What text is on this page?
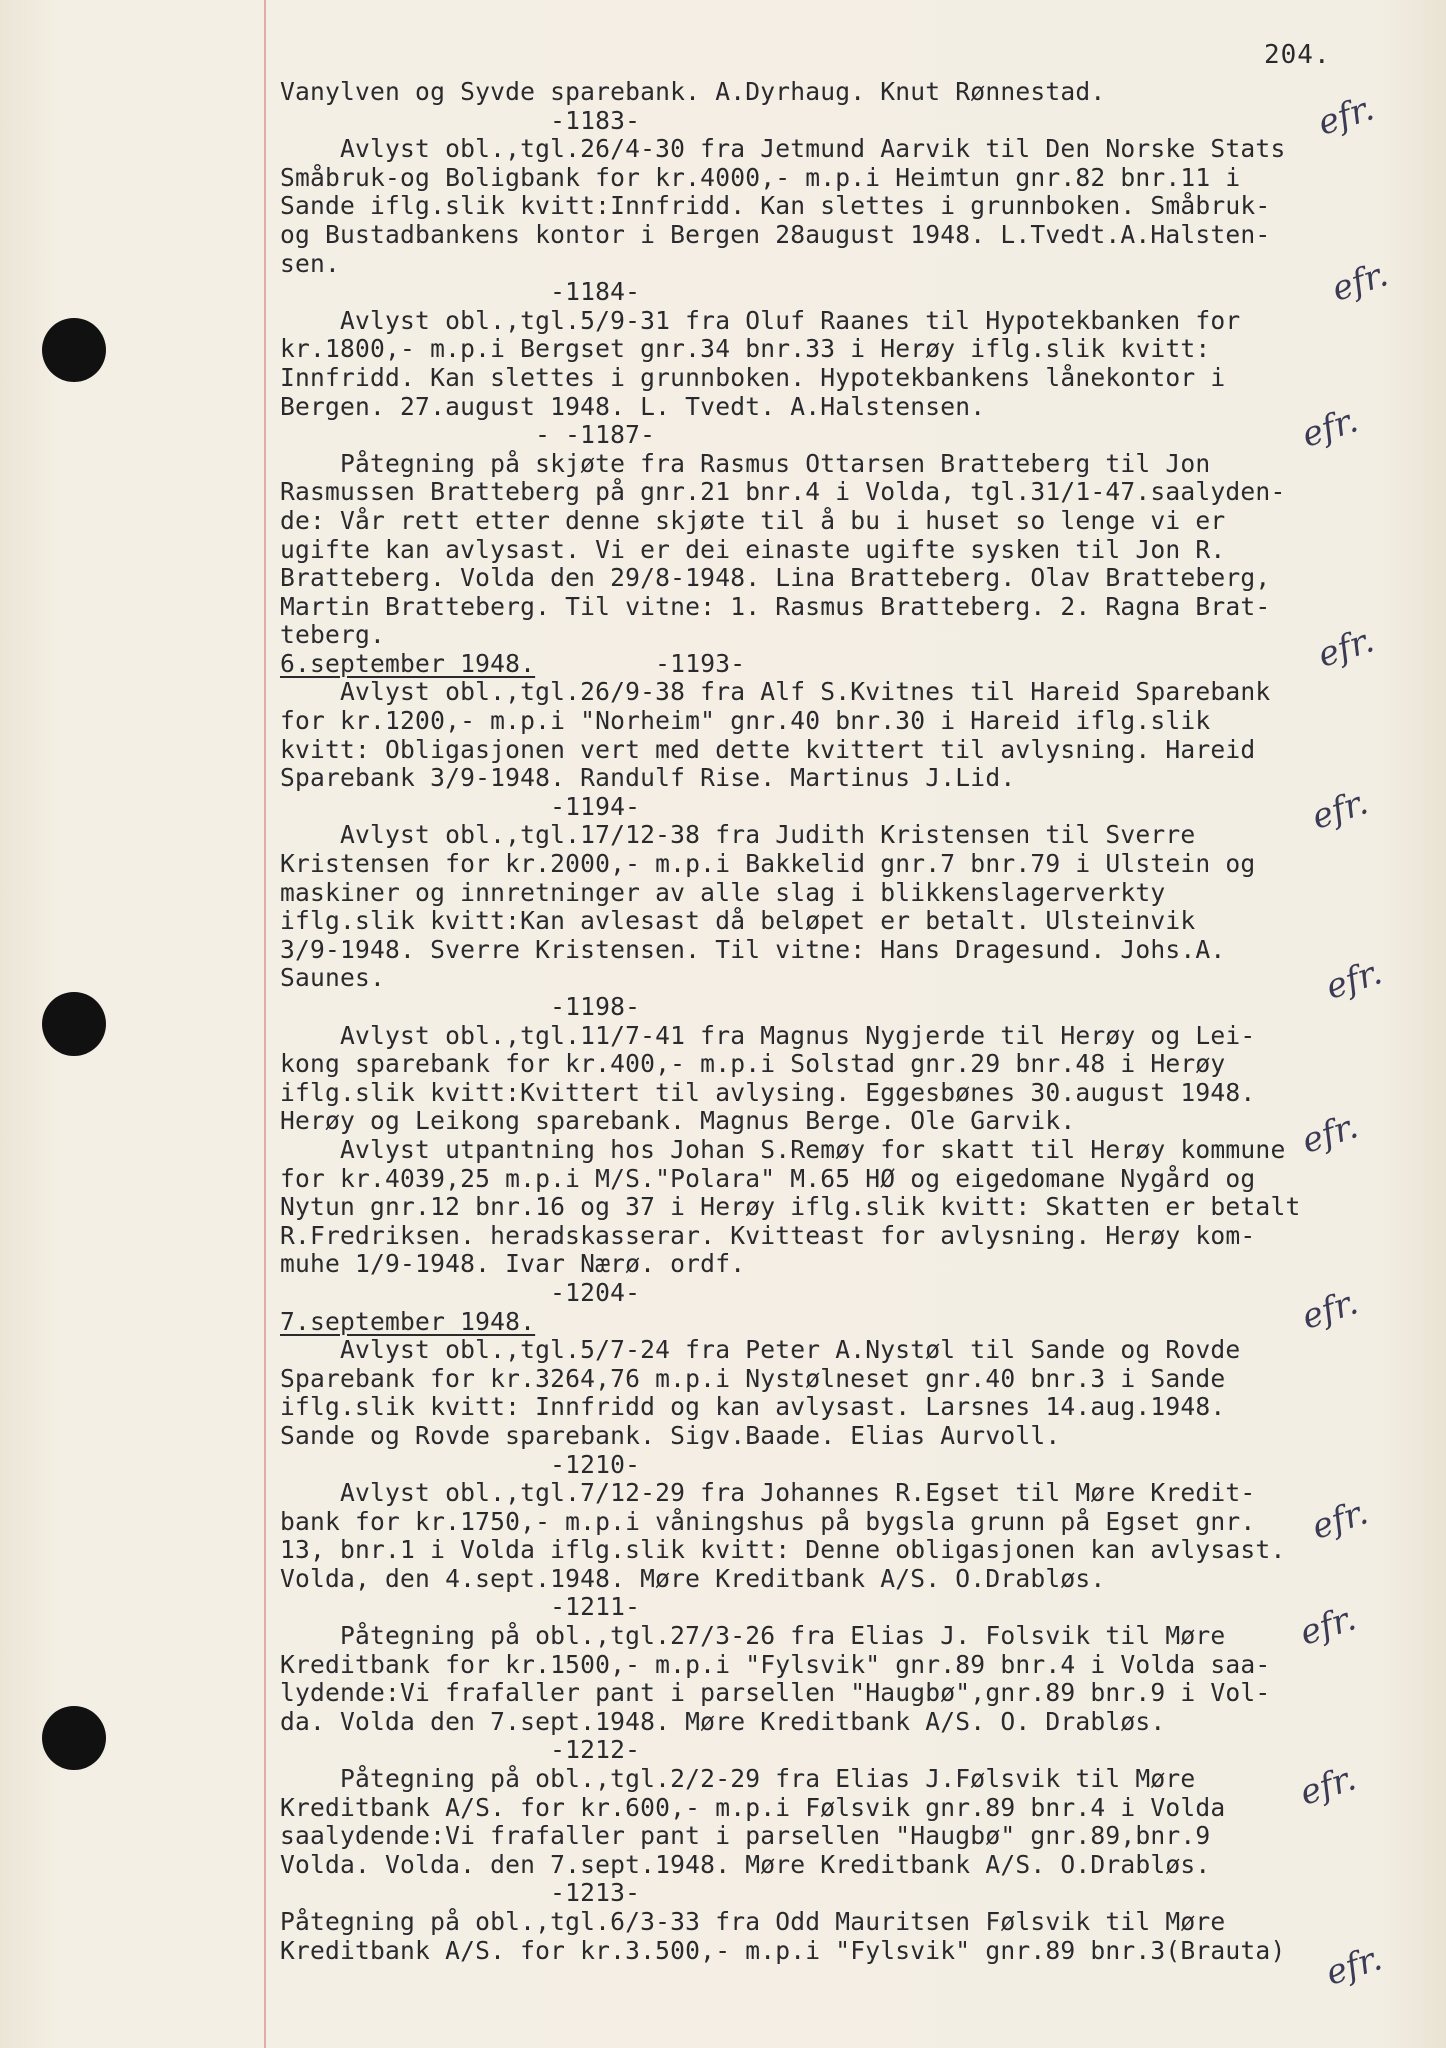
204.
Vanylven og Syvde sparebank. A.Dyrhaug. Knut Rønnestad.
-1183-
Avlyst obl.,tgl.26/4-30 fra Jetmund Aarvik til Den Norske Stats
Småbruk-og Boligbank for kr.4000,- m.p.i Heimtun gnr.82 bnr.11 i
Sande iflg.slik kvitt:Innfridd. Kan slettes i grunnboken. Småbruk-
og Bustadbankens kontor i Bergen 28august 1948. L.Tvedt.A.Halsten-
sen.
-1184-
Avlyst obl.,tgl.5/9-31 fra Oluf Raanes til Hypotekbanken for
kr.1800,- m.p.i Bergset gnr.34 bnr.33 i Herøy iflg.slik kvitt:
Innfridd. Kan slettes i grunnboken. Hypotekbankens lånekontor i
Bergen. 27.august 1948. L. Tvedt. A.Halstensen.
- -1187-
Påtegning på skjøte fra Rasmus Ottarsen Bratteberg til Jon
Rasmussen Bratteberg på gnr.21 bnr.4 i Volda, tgl.31/1-47.saalyden-
de: Vår rett etter denne skjøte til å bu i huset so lenge vi er
ugifte kan avlysast. Vi er dei einaste ugifte sysken til Jon R.
Bratteberg. Volda den 29/8-1948. Lina Bratteberg. Olav Bratteberg,
Martin Bratteberg. Til vitne: 1. Rasmus Bratteberg. 2. Ragna Brat-
teberg.
6.september 1948.        -1193-
Avlyst obl.,tgl.26/9-38 fra Alf S.Kvitnes til Hareid Sparebank
for kr.1200,- m.p.i "Norheim" gnr.40 bnr.30 i Hareid iflg.slik
kvitt: Obligasjonen vert med dette kvittert til avlysning. Hareid
Sparebank 3/9-1948. Randulf Rise. Martinus J.Lid.
-1194-
Avlyst obl.,tgl.17/12-38 fra Judith Kristensen til Sverre
Kristensen for kr.2000,- m.p.i Bakkelid gnr.7 bnr.79 i Ulstein og
maskiner og innretninger av alle slag i blikkenslagerverkty
iflg.slik kvitt:Kan avlesast då beløpet er betalt. Ulsteinvik
3/9-1948. Sverre Kristensen. Til vitne: Hans Dragesund. Johs.A.
Saunes.
-1198-
Avlyst obl.,tgl.11/7-41 fra Magnus Nygjerde til Herøy og Lei-
kong sparebank for kr.400,- m.p.i Solstad gnr.29 bnr.48 i Herøy
iflg.slik kvitt:Kvittert til avlysing. Eggesbønes 30.august 1948.
Herøy og Leikong sparebank. Magnus Berge. Ole Garvik.
Avlyst utpantning hos Johan S.Remøy for skatt til Herøy kommune
for kr.4039,25 m.p.i M/S."Polara" M.65 HØ og eigedomane Nygård og
Nytun gnr.12 bnr.16 og 37 i Herøy iflg.slik kvitt: Skatten er betalt
R.Fredriksen. heradskasserar. Kvitteast for avlysning. Herøy kom-
muhe 1/9-1948. Ivar Nærø. ordf.
-1204-
7.september 1948.
Avlyst obl.,tgl.5/7-24 fra Peter A.Nystøl til Sande og Rovde
Sparebank for kr.3264,76 m.p.i Nystølneset gnr.40 bnr.3 i Sande
iflg.slik kvitt: Innfridd og kan avlysast. Larsnes 14.aug.1948.
Sande og Rovde sparebank. Sigv.Baade. Elias Aurvoll.
-1210-
Avlyst obl.,tgl.7/12-29 fra Johannes R.Egset til Møre Kredit-
bank for kr.1750,- m.p.i våningshus på bygsla grunn på Egset gnr.
13, bnr.1 i Volda iflg.slik kvitt: Denne obligasjonen kan avlysast.
Volda, den 4.sept.1948. Møre Kreditbank A/S. O.Drabløs.
-1211-
Påtegning på obl.,tgl.27/3-26 fra Elias J. Folsvik til Møre
Kreditbank for kr.1500,- m.p.i "Fylsvik" gnr.89 bnr.4 i Volda saa-
lydende:Vi frafaller pant i parsellen "Haugbø",gnr.89 bnr.9 i Vol-
da. Volda den 7.sept.1948. Møre Kreditbank A/S. O. Drabløs.
-1212-
Påtegning på obl.,tgl.2/2-29 fra Elias J.Følsvik til Møre
Kreditbank A/S. for kr.600,- m.p.i Følsvik gnr.89 bnr.4 i Volda
saalydende:Vi frafaller pant i parsellen "Haugbø" gnr.89,bnr.9
Volda. Volda. den 7.sept.1948. Møre Kreditbank A/S. O.Drabløs.
-1213-
Påtegning på obl.,tgl.6/3-33 fra Odd Mauritsen Følsvik til Møre
Kreditbank A/S. for kr.3.500,- m.p.i "Fylsvik" gnr.89 bnr.3(Brauta)
efr.
efr.
efr.
efr.
efr.
efr.
efr.
efr.
efr.
efr.
efr.
efr.
